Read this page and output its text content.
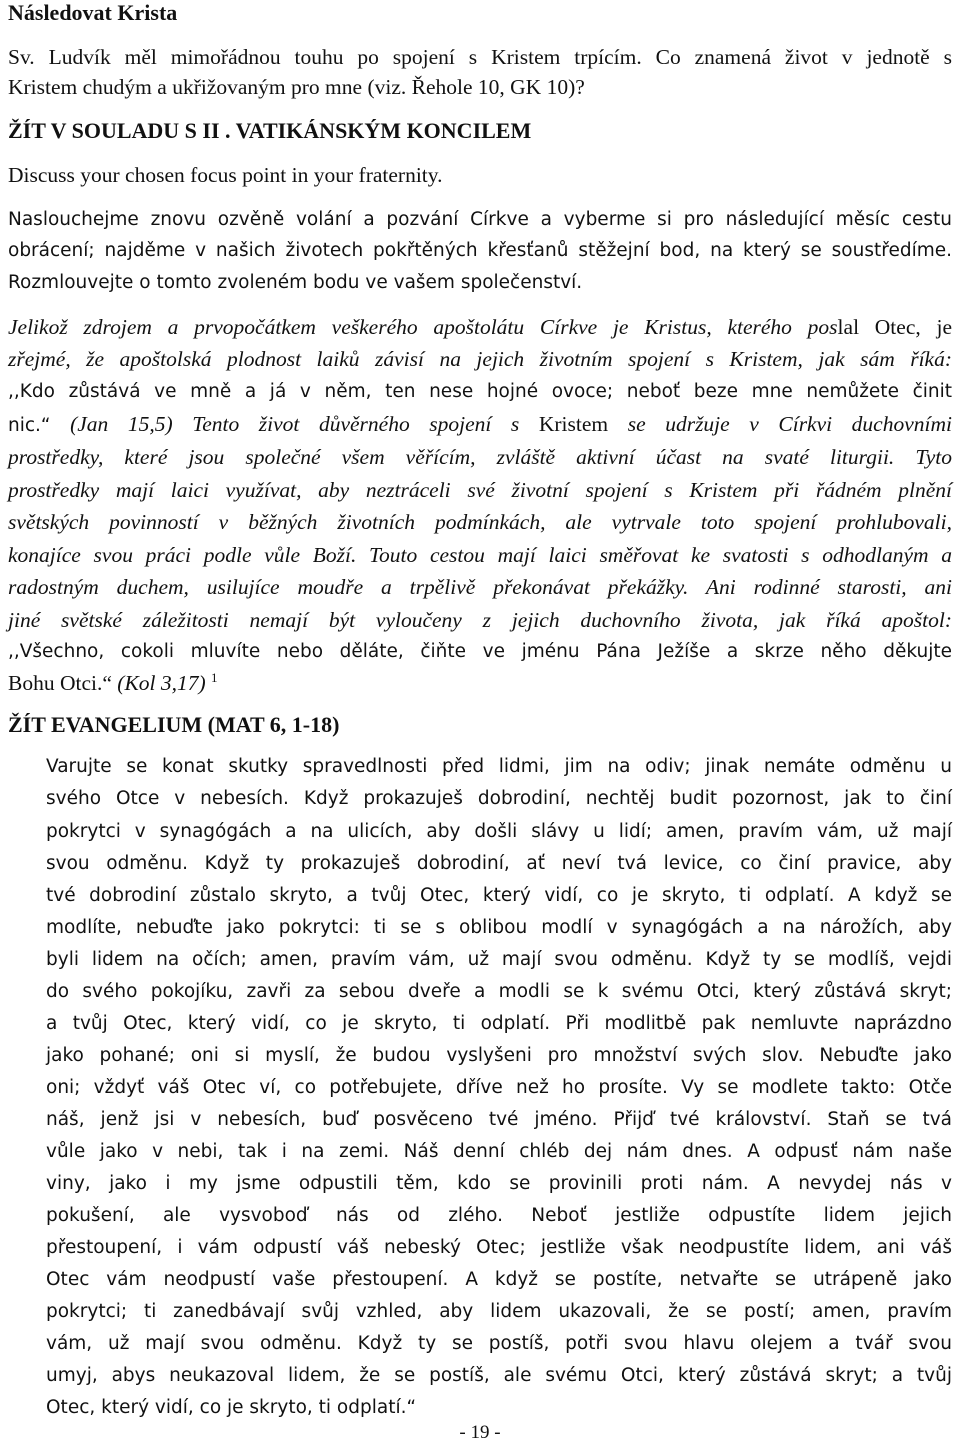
Následovat Krista
Sv. Ludvík měl mimořádnou touhu po spojení s Kristem trpícím. Co znamená život v jednotě s
Kristem chudým a ukřižovaným pro mne (viz. Řehole 10, GK 10)?
ŽÍT V SOULADU S II . VATIKÁNSKÝM KONCILEM
Discuss your chosen focus point in your fraternity.
Naslouchejme znovu ozvěně volání a pozvání Církve a vyberme si pro následující měsíc cestu
obrácení; najděme v našich životech pokřtěných křesťanů stěžejní bod, na který se soustředíme.
Rozmlouvejte o tomto zvoleném bodu ve vašem společenství.
Jelikož zdrojem a prvopočátkem veškerého apoštolátu Církve je Kristus, kterého poslal Otec, je
zřejmé, že apoštolská plodnost laiků závisí na jejich životním spojení s Kristem, jak sám říká:
,,Kdo zůstává ve mně a já v něm, ten nese hojné ovoce; neboť beze mne nemůžete činit
nic.“ (Jan 15,5) Tento život důvěrného spojení s Kristem se udržuje v Církvi duchovními
prostředky, které jsou společné všem věřícím, zvláště aktivní účast na svaté liturgii. Tyto
prostředky mají laici využívat, aby neztráceli své životní spojení s Kristem při řádném plnění
světských povinností v běžných životních podmínkách, ale vytrvale toto spojení prohlubovali,
konajíce svou práci podle vůle Boží. Touto cestou mají laici směřovat ke svatosti s odhodlaným a
radostným duchem, usilujíce moudře a trpělivě překonávat překážky. Ani rodinné starosti, ani
jiné světské záležitosti nemají být vyloučeny z jejich duchovního života, jak říká apoštol:
,,Všechno, cokoli mluvíte nebo děláte, čiňte ve jménu Pána Ježíše a skrze něho děkujte
Bohu Otci.“ (Kol 3,17) $^1$
ŽÍT EVANGELIUM (MAT 6, 1-18)
Varujte se konat skutky spravedlnosti před lidmi, jim na odiv; jinak nemáte odměnu u
svého Otce v nebesích. Když prokazuješ dobrodiní, nechtěj budit pozornost, jak to činí
pokrytci v synagógách a na ulicích, aby došli slávy u lidí; amen, pravím vám, už mají
svou odměnu. Když ty prokazuješ dobrodiní, ať neví tvá levice, co činí pravice, aby
tvé dobrodiní zůstalo skryto, a tvůj Otec, který vidí, co je skryto, ti odplatí. A když se
modlíte, nebuďte jako pokrytci: ti se s oblibou modlí v synagógách a na nárožích, aby
byli lidem na očích; amen, pravím vám, už mají svou odměnu. Když ty se modlíš, vejdi
do svého pokojíku, zavři za sebou dveře a modli se k svému Otci, který zůstává skryt;
a tvůj Otec, který vidí, co je skryto, ti odplatí. Při modlitbě pak nemluvte naprázdno
jako pohané; oni si myslí, že budou vyslyšeni pro množství svých slov. Nebuďte jako
oni; vždyť váš Otec ví, co potřebujete, dříve než ho prosíte. Vy se modlete takto: Otče
náš, jenž jsi v nebesích, buď posvěceno tvé jméno. Přijď tvé království. Staň se tvá
vůle jako v nebi, tak i na zemi. Náš denní chléb dej nám dnes. A odpusť nám naše
viny, jako i my jsme odpustili těm, kdo se provinili proti nám. A nevydej nás v
pokušení, ale vysvoboď nás od zlého. Neboť jestliže odpustíte lidem jejich
přestoupení, i vám odpustí váš nebeský Otec; jestliže však neodpustíte lidem, ani váš
Otec vám neodpustí vaše přestoupení. A když se postíte, netvařte se utrápeně jako
pokrytci; ti zanedbávají svůj vzhled, aby lidem ukazovali, že se postí; amen, pravím
vám, už mají svou odměnu. Když ty se postíš, potři svou hlavu olejem a tvář svou
umyj, abys neukazoval lidem, že se postíš, ale svému Otci, který zůstává skryt; a tvůj
Otec, který vidí, co je skryto, ti odplatí.“
- 19 -
